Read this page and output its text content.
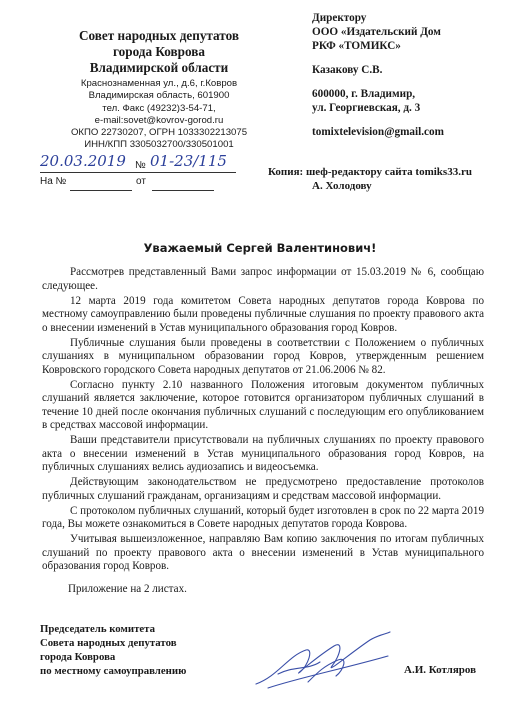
Совет народных депутатов
города Коврова
Владимирской области
Краснознаменная ул., д.6, г.Ковров
Владимирская область, 601900
тел. Факс (49232)3-54-71,
e-mail:sovet@kovrov-gorod.ru
ОКПО 22730207, ОГРН 1033302213075
ИНН/КПП 3305032700/330501001
20.03.2019 № 01-23/115
На №	от
Директору
ООО «Издательский Дом
РКФ «ТОМИКС»
Казакову С.В.
600000, г. Владимир,
ул. Георгиевская, д. 3
tomixtelevision@gmail.com
Копия: шеф-редактору сайта tomiks33.ru
А. Холодову
Уважаемый Сергей Валентинович!

Рассмотрев представленный Вами запрос информации от 15.03.2019 № 6, сообщаю следующее.

12 марта 2019 года комитетом Совета народных депутатов города Коврова по местному самоуправлению были проведены публичные слушания по проекту правового акта о внесении изменений в Устав муниципального образования город Ковров.

Публичные слушания были проведены в соответствии с Положением о публичных слушаниях в муниципальном образовании город Ковров, утвержденным решением Ковровского городского Совета народных депутатов от 21.06.2006 № 82.

Согласно пункту 2.10 названного Положения итоговым документом публичных слушаний является заключение, которое готовится организатором публичных слушаний в течение 10 дней после окончания публичных слушаний с последующим его опубликованием в средствах массовой информации.

Ваши представители присутствовали на публичных слушаниях по проекту правового акта о внесении изменений в Устав муниципального образования город Ковров, на публичных слушаниях велись аудиозапись и видеосъемка.

Действующим законодательством не предусмотрено предоставление протоколов публичных слушаний гражданам, организациям и средствам массовой информации.

С протоколом публичных слушаний, который будет изготовлен в срок по 22 марта 2019 года, Вы можете ознакомиться в Совете народных депутатов города Коврова.

Учитывая вышеизложенное, направляю Вам копию заключения по итогам публичных слушаний по проекту правового акта о внесении изменений в Устав муниципального образования город Ковров.

Приложение на 2 листах.
Председатель комитета
Совета народных депутатов
города Коврова
по местному самоуправлению	А.И. Котляров
